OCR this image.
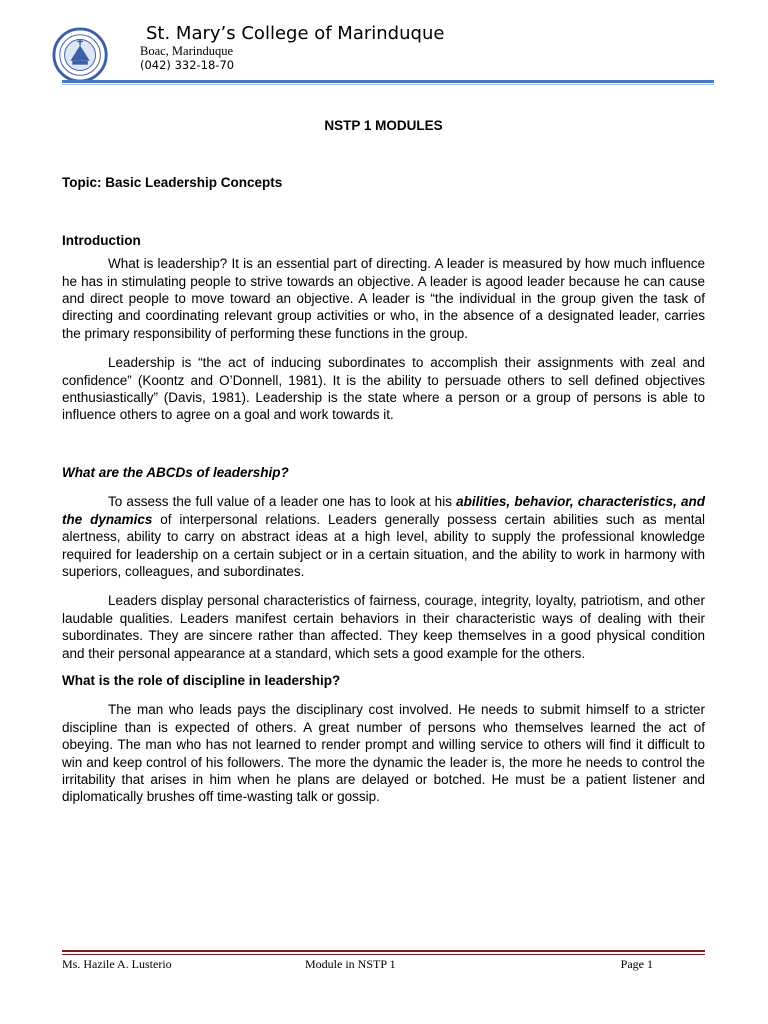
St. Mary’s College of Marinduque
Boac, Marinduque
(042) 332-18-70
NSTP 1 MODULES
Topic: Basic Leadership Concepts
Introduction

What is leadership? It is an essential part of directing. A leader is measured by how much influence he has in stimulating people to strive towards an objective. A leader is agood leader because he can cause and direct people to move toward an objective. A leader is “the individual in the group given the task of directing and coordinating relevant group activities or who, in the absence of a designated leader, carries the primary responsibility of performing these functions in the group.

Leadership is “the act of inducing subordinates to accomplish their assignments with zeal and confidence” (Koontz and O’Donnell, 1981). It is the ability to persuade others to sell defined objectives enthusiastically” (Davis, 1981). Leadership is the state where a person or a group of persons is able to influence others to agree on a goal and work towards it.

What are the ABCDs of leadership?

To assess the full value of a leader one has to look at his abilities, behavior, characteristics, and the dynamics of interpersonal relations. Leaders generally possess certain abilities such as mental alertness, ability to carry on abstract ideas at a high level, ability to supply the professional knowledge required for leadership on a certain subject or in a certain situation, and the ability to work in harmony with superiors, colleagues, and subordinates.

Leaders display personal characteristics of fairness, courage, integrity, loyalty, patriotism, and other laudable qualities. Leaders manifest certain behaviors in their characteristic ways of dealing with their subordinates. They are sincere rather than affected. They keep themselves in a good physical condition and their personal appearance at a standard, which sets a good example for the others.

What is the role of discipline in leadership?

The man who leads pays the disciplinary cost involved. He needs to submit himself to a stricter discipline than is expected of others. A great number of persons who themselves learned the act of obeying. The man who has not learned to render prompt and willing service to others will find it difficult to win and keep control of his followers. The more the dynamic the leader is, the more he needs to control the irritability that arises in him when he plans are delayed or botched. He must be a patient listener and diplomatically brushes off time-wasting talk or gossip.

Ms. Hazile A. Lusterio	Module in NSTP 1	Page 1
